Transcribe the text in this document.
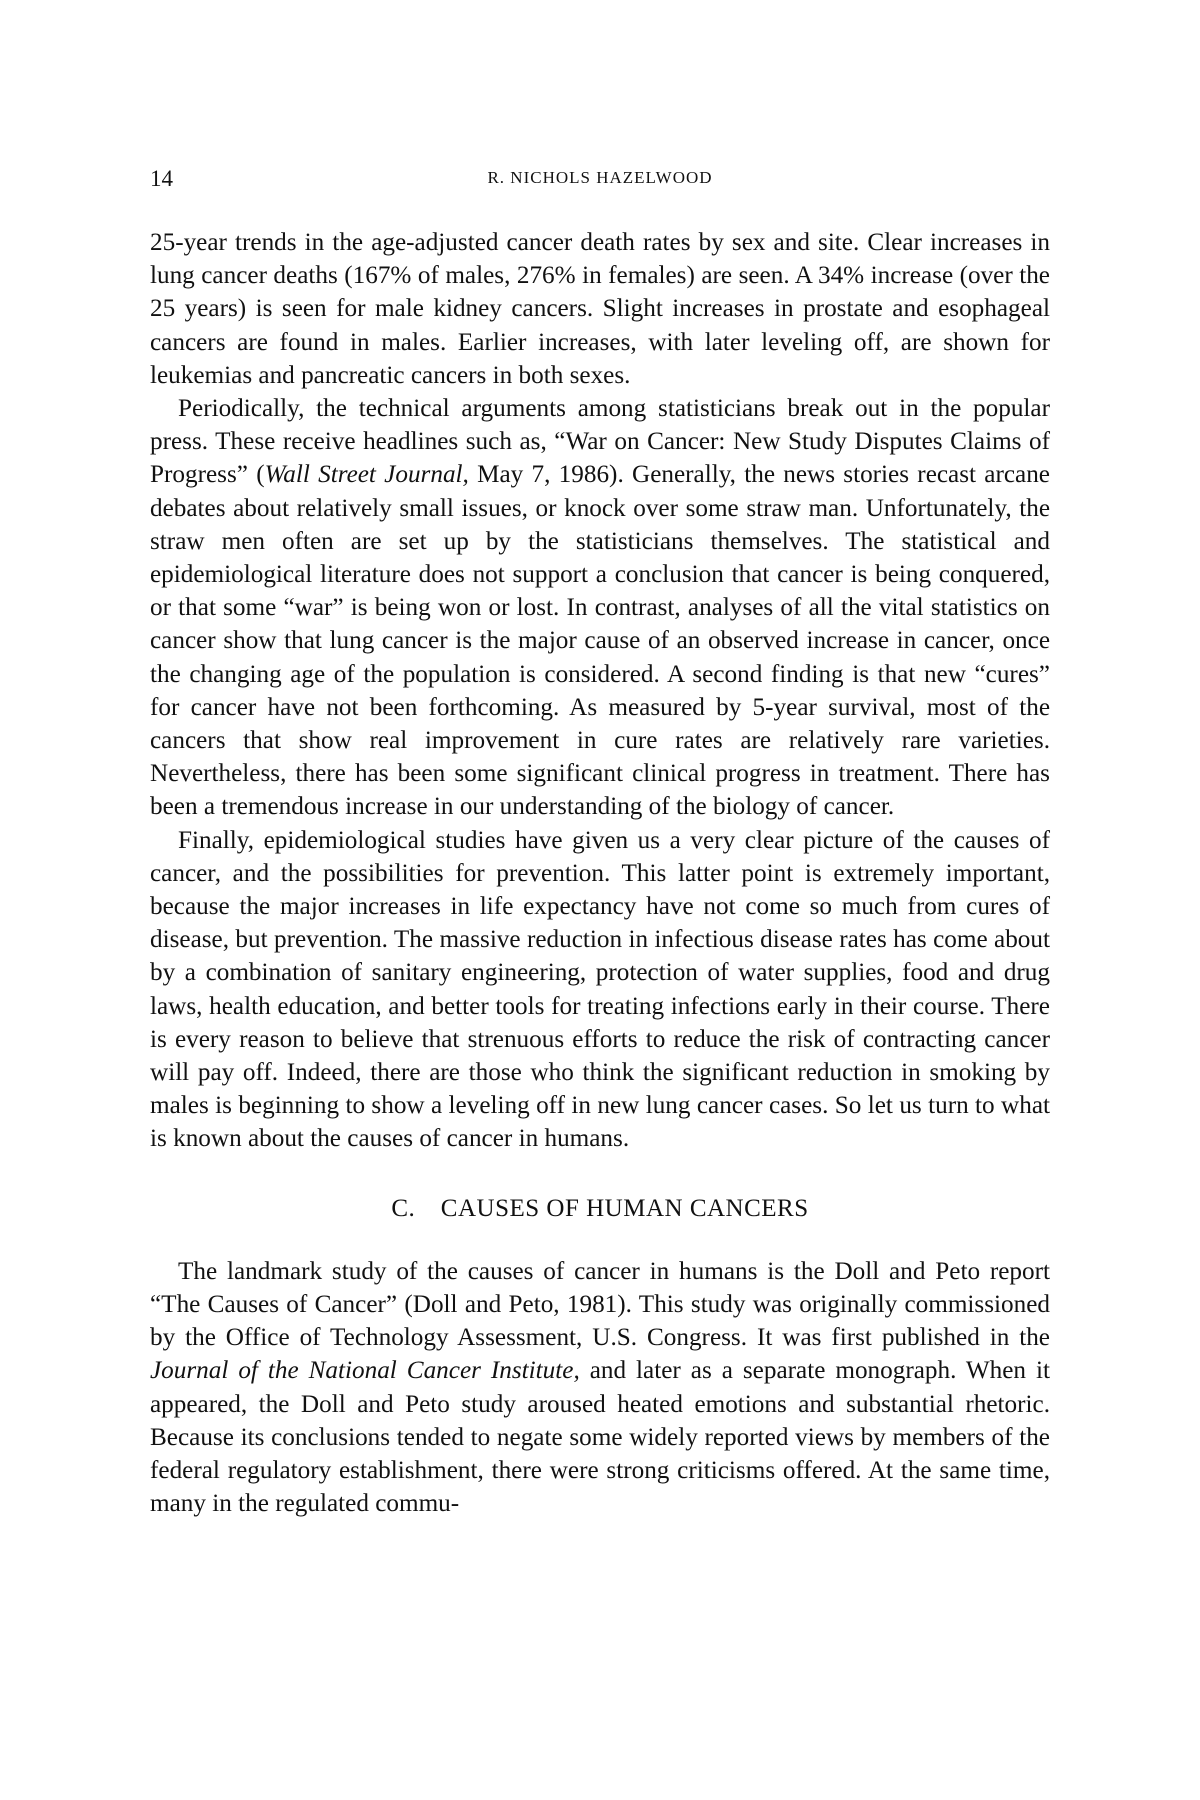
14	R. NICHOLS HAZELWOOD

25-year trends in the age-adjusted cancer death rates by sex and site. Clear increases in lung cancer deaths (167% of males, 276% in females) are seen. A 34% increase (over the 25 years) is seen for male kidney cancers. Slight increases in prostate and esophageal cancers are found in males. Earlier increases, with later leveling off, are shown for leukemias and pancreatic cancers in both sexes.

Periodically, the technical arguments among statisticians break out in the popular press. These receive headlines such as, “War on Cancer: New Study Disputes Claims of Progress” (Wall Street Journal, May 7, 1986). Generally, the news stories recast arcane debates about relatively small issues, or knock over some straw man. Unfortunately, the straw men often are set up by the statisticians themselves. The statistical and epidemiological literature does not support a conclusion that cancer is being conquered, or that some “war” is being won or lost. In contrast, analyses of all the vital statistics on cancer show that lung cancer is the major cause of an observed increase in cancer, once the changing age of the population is considered. A second finding is that new “cures” for cancer have not been forthcoming. As measured by 5-year survival, most of the cancers that show real improvement in cure rates are relatively rare varieties. Nevertheless, there has been some significant clinical progress in treatment. There has been a tremendous increase in our understanding of the biology of cancer.

Finally, epidemiological studies have given us a very clear picture of the causes of cancer, and the possibilities for prevention. This latter point is extremely important, because the major increases in life expectancy have not come so much from cures of disease, but prevention. The massive reduction in infectious disease rates has come about by a combination of sanitary engineering, protection of water supplies, food and drug laws, health education, and better tools for treating infections early in their course. There is every reason to believe that strenuous efforts to reduce the risk of contracting cancer will pay off. Indeed, there are those who think the significant reduction in smoking by males is beginning to show a leveling off in new lung cancer cases. So let us turn to what is known about the causes of cancer in humans.

C. CAUSES OF HUMAN CANCERS

The landmark study of the causes of cancer in humans is the Doll and Peto report “The Causes of Cancer” (Doll and Peto, 1981). This study was originally commissioned by the Office of Technology Assessment, U.S. Congress. It was first published in the Journal of the National Cancer Institute, and later as a separate monograph. When it appeared, the Doll and Peto study aroused heated emotions and substantial rhetoric. Because its conclusions tended to negate some widely reported views by members of the federal regulatory establishment, there were strong criticisms offered. At the same time, many in the regulated commu-
